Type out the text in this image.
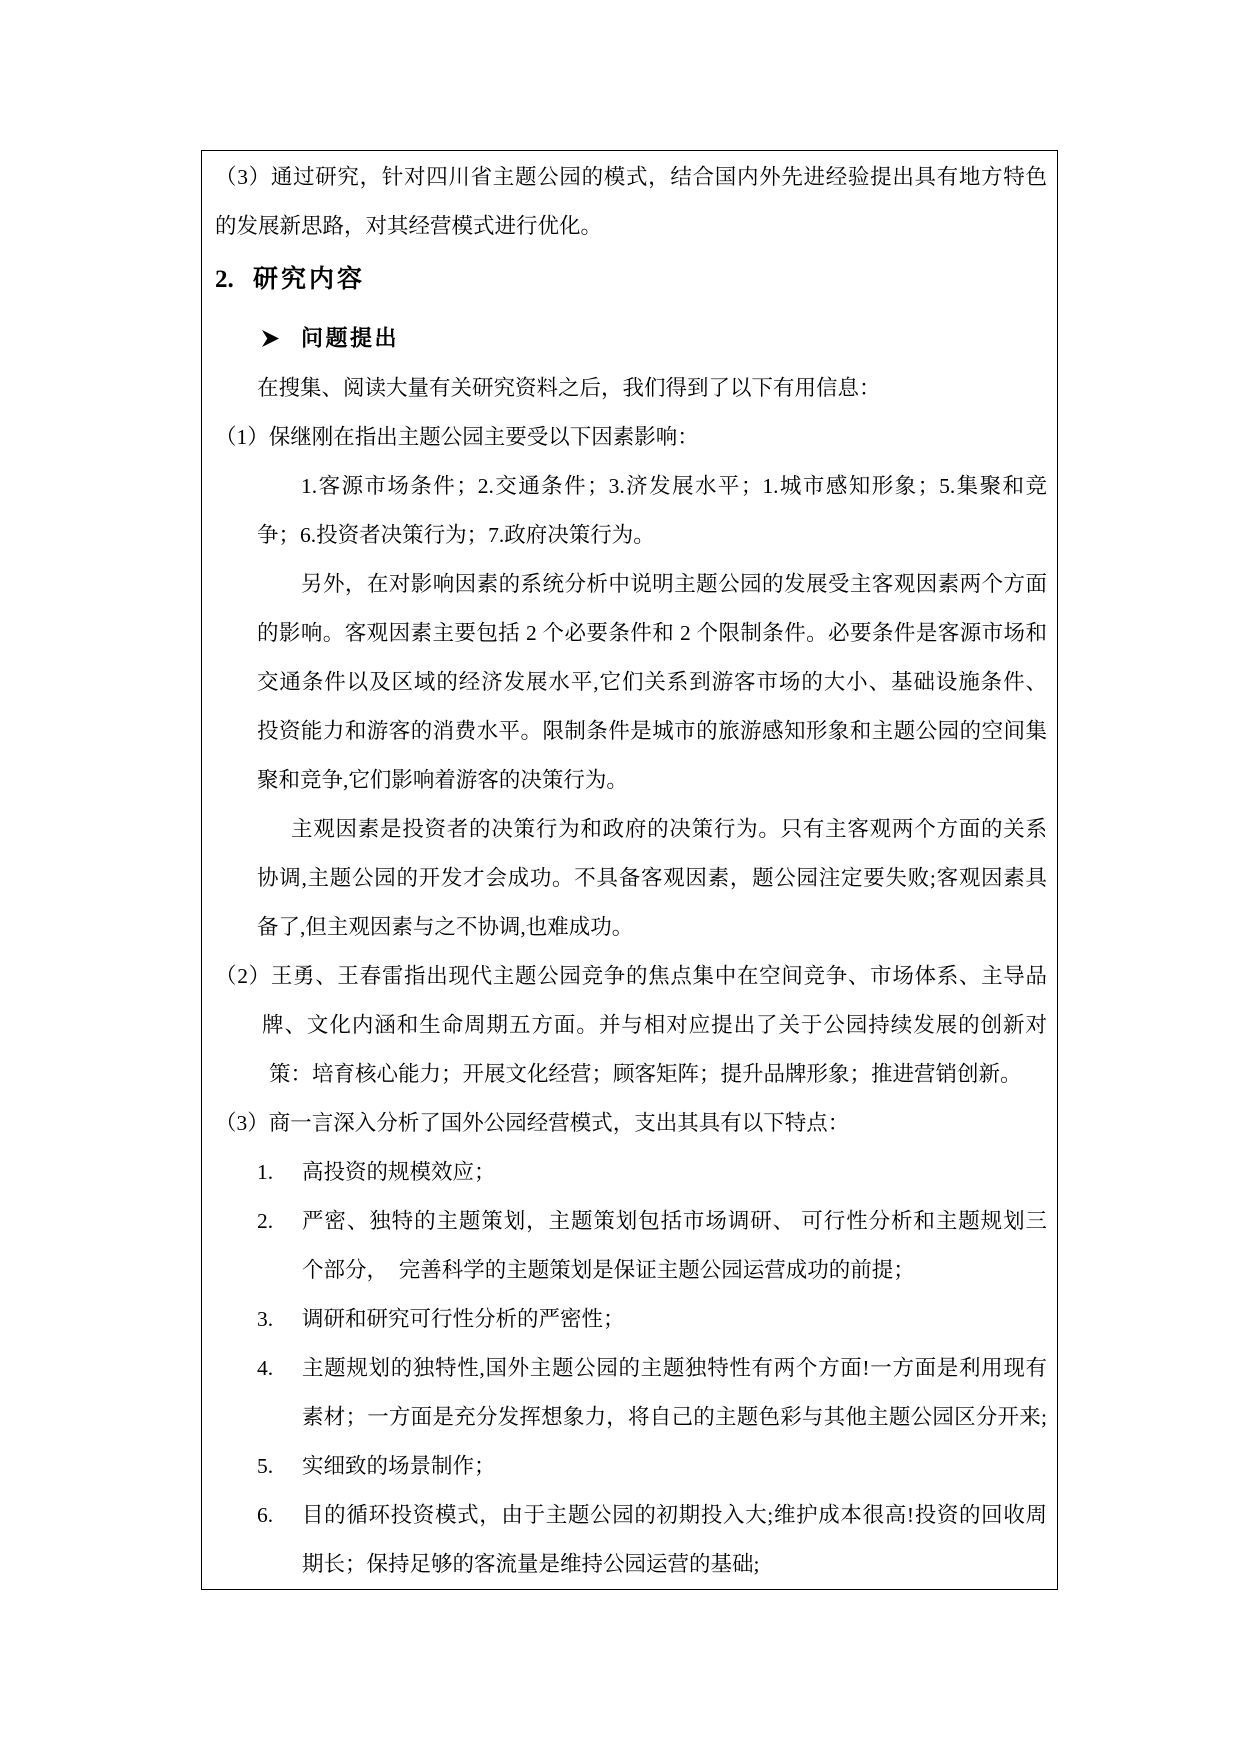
（3）通过研究，针对四川省主题公园的模式，结合国内外先进经验提出具有地方特色
的发展新思路，对其经营模式进行优化。
2. 研究内容
问题提出
在搜集、阅读大量有关研究资料之后，我们得到了以下有用信息：
（1）保继刚在指出主题公园主要受以下因素影响：
1.客源市场条件；2.交通条件；3.济发展水平；1.城市感知形象；5.集聚和竞
争；6.投资者决策行为；7.政府决策行为。
另外，在对影响因素的系统分析中说明主题公园的发展受主客观因素两个方面
的影响。客观因素主要包括 2 个必要条件和 2 个限制条件。必要条件是客源市场和
交通条件以及区域的经济发展水平,它们关系到游客市场的大小、基础设施条件、
投资能力和游客的消费水平。限制条件是城市的旅游感知形象和主题公园的空间集
聚和竞争,它们影响着游客的决策行为。
主观因素是投资者的决策行为和政府的决策行为。只有主客观两个方面的关系
协调,主题公园的开发才会成功。不具备客观因素，题公园注定要失败;客观因素具
备了,但主观因素与之不协调,也难成功。
（2）王勇、王春雷指出现代主题公园竞争的焦点集中在空间竞争、市场体系、主导品
牌、文化内涵和生命周期五方面。并与相对应提出了关于公园持续发展的创新对
策：培育核心能力；开展文化经营；顾客矩阵；提升品牌形象；推进营销创新。
（3）商一言深入分析了国外公园经营模式，支出其具有以下特点：
1.	高投资的规模效应；
2.	严密、独特的主题策划，主题策划包括市场调研、 可行性分析和主题规划三
个部分，  完善科学的主题策划是保证主题公园运营成功的前提；
3.	调研和研究可行性分析的严密性；
4.	主题规划的独特性,国外主题公园的主题独特性有两个方面!一方面是利用现有
素材；一方面是充分发挥想象力，将自己的主题色彩与其他主题公园区分开来;
5.	实细致的场景制作；
6.	目的循环投资模式，由于主题公园的初期投入大;维护成本很高!投资的回收周
期长；保持足够的客流量是维持公园运营的基础;
